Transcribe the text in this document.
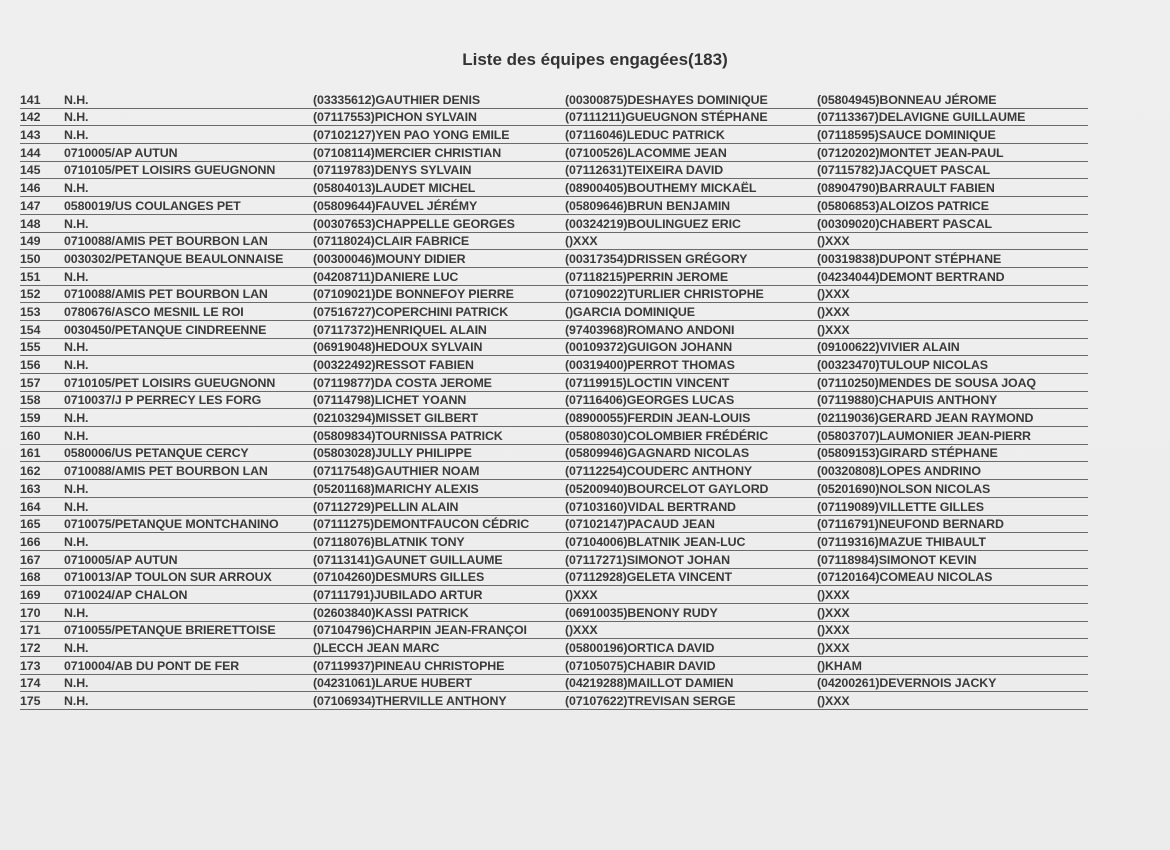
Liste des équipes engagées(183)
141	N.H.	(03335612)GAUTHIER DENIS	(00300875)DESHAYES DOMINIQUE	(05804945)BONNEAU JÉROME
142	N.H.	(07117553)PICHON SYLVAIN	(07111211)GUEUGNON STÉPHANE	(07113367)DELAVIGNE GUILLAUME
143	N.H.	(07102127)YEN PAO YONG EMILE	(07116046)LEDUC PATRICK	(07118595)SAUCE DOMINIQUE
144	0710005/AP AUTUN	(07108114)MERCIER CHRISTIAN	(07100526)LACOMME JEAN	(07120202)MONTET JEAN-PAUL
145	0710105/PET LOISIRS GUEUGNONN	(07119783)DENYS SYLVAIN	(07112631)TEIXEIRA DAVID	(07115782)JACQUET PASCAL
146	N.H.	(05804013)LAUDET MICHEL	(08900405)BOUTHEMY MICKAËL	(08904790)BARRAULT FABIEN
147	0580019/US COULANGES PET	(05809644)FAUVEL JÉRÉMY	(05809646)BRUN BENJAMIN	(05806853)ALOIZOS PATRICE
148	N.H.	(00307653)CHAPPELLE GEORGES	(00324219)BOULINGUEZ ERIC	(00309020)CHABERT PASCAL
149	0710088/AMIS PET BOURBON LAN	(07118024)CLAIR FABRICE	()XXX	()XXX
150	0030302/PETANQUE BEAULONNAISE	(00300046)MOUNY DIDIER	(00317354)DRISSEN GRÉGORY	(00319838)DUPONT STÉPHANE
151	N.H.	(04208711)DANIERE LUC	(07118215)PERRIN JEROME	(04234044)DEMONT BERTRAND
152	0710088/AMIS PET BOURBON LAN	(07109021)DE BONNEFOY PIERRE	(07109022)TURLIER CHRISTOPHE	()XXX
153	0780676/ASCO MESNIL LE ROI	(07516727)COPERCHINI PATRICK	()GARCIA DOMINIQUE	()XXX
154	0030450/PETANQUE CINDREENNE	(07117372)HENRIQUEL ALAIN	(97403968)ROMANO ANDONI	()XXX
155	N.H.	(06919048)HEDOUX SYLVAIN	(00109372)GUIGON JOHANN	(09100622)VIVIER ALAIN
156	N.H.	(00322492)RESSOT FABIEN	(00319400)PERROT THOMAS	(00323470)TULOUP NICOLAS
157	0710105/PET LOISIRS GUEUGNONN	(07119877)DA COSTA JEROME	(07119915)LOCTIN VINCENT	(07110250)MENDES DE SOUSA JOAQ
158	0710037/J P PERRECY LES FORG	(07114798)LICHET YOANN	(07116406)GEORGES LUCAS	(07119880)CHAPUIS ANTHONY
159	N.H.	(02103294)MISSET GILBERT	(08900055)FERDIN JEAN-LOUIS	(02119036)GERARD JEAN RAYMOND
160	N.H.	(05809834)TOURNISSA PATRICK	(05808030)COLOMBIER FRÉDÉRIC	(05803707)LAUMONIER JEAN-PIERR
161	0580006/US PETANQUE CERCY	(05803028)JULLY PHILIPPE	(05809946)GAGNARD NICOLAS	(05809153)GIRARD STÉPHANE
162	0710088/AMIS PET BOURBON LAN	(07117548)GAUTHIER NOAM	(07112254)COUDERC ANTHONY	(00320808)LOPES ANDRINO
163	N.H.	(05201168)MARICHY ALEXIS	(05200940)BOURCELOT GAYLORD	(05201690)NOLSON NICOLAS
164	N.H.	(07112729)PELLIN ALAIN	(07103160)VIDAL BERTRAND	(07119089)VILLETTE GILLES
165	0710075/PETANQUE MONTCHANINO	(07111275)DEMONTFAUCON CÉDRIC	(07102147)PACAUD JEAN	(07116791)NEUFOND BERNARD
166	N.H.	(07118076)BLATNIK TONY	(07104006)BLATNIK JEAN-LUC	(07119316)MAZUE THIBAULT
167	0710005/AP AUTUN	(07113141)GAUNET GUILLAUME	(07117271)SIMONOT JOHAN	(07118984)SIMONOT KEVIN
168	0710013/AP TOULON SUR ARROUX	(07104260)DESMURS GILLES	(07112928)GELETA VINCENT	(07120164)COMEAU NICOLAS
169	0710024/AP CHALON	(07111791)JUBILADO ARTUR	()XXX	()XXX
170	N.H.	(02603840)KASSI PATRICK	(06910035)BENONY RUDY	()XXX
171	0710055/PETANQUE BRIERETTOISE	(07104796)CHARPIN JEAN-FRANÇOI	()XXX	()XXX
172	N.H.	()LECCH JEAN MARC	(05800196)ORTICA DAVID	()XXX
173	0710004/AB DU PONT DE FER	(07119937)PINEAU CHRISTOPHE	(07105075)CHABIR DAVID	()KHAM
174	N.H.	(04231061)LARUE HUBERT	(04219288)MAILLOT DAMIEN	(04200261)DEVERNOIS JACKY
175	N.H.	(07106934)THERVILLE ANTHONY	(07107622)TREVISAN SERGE	()XXX
